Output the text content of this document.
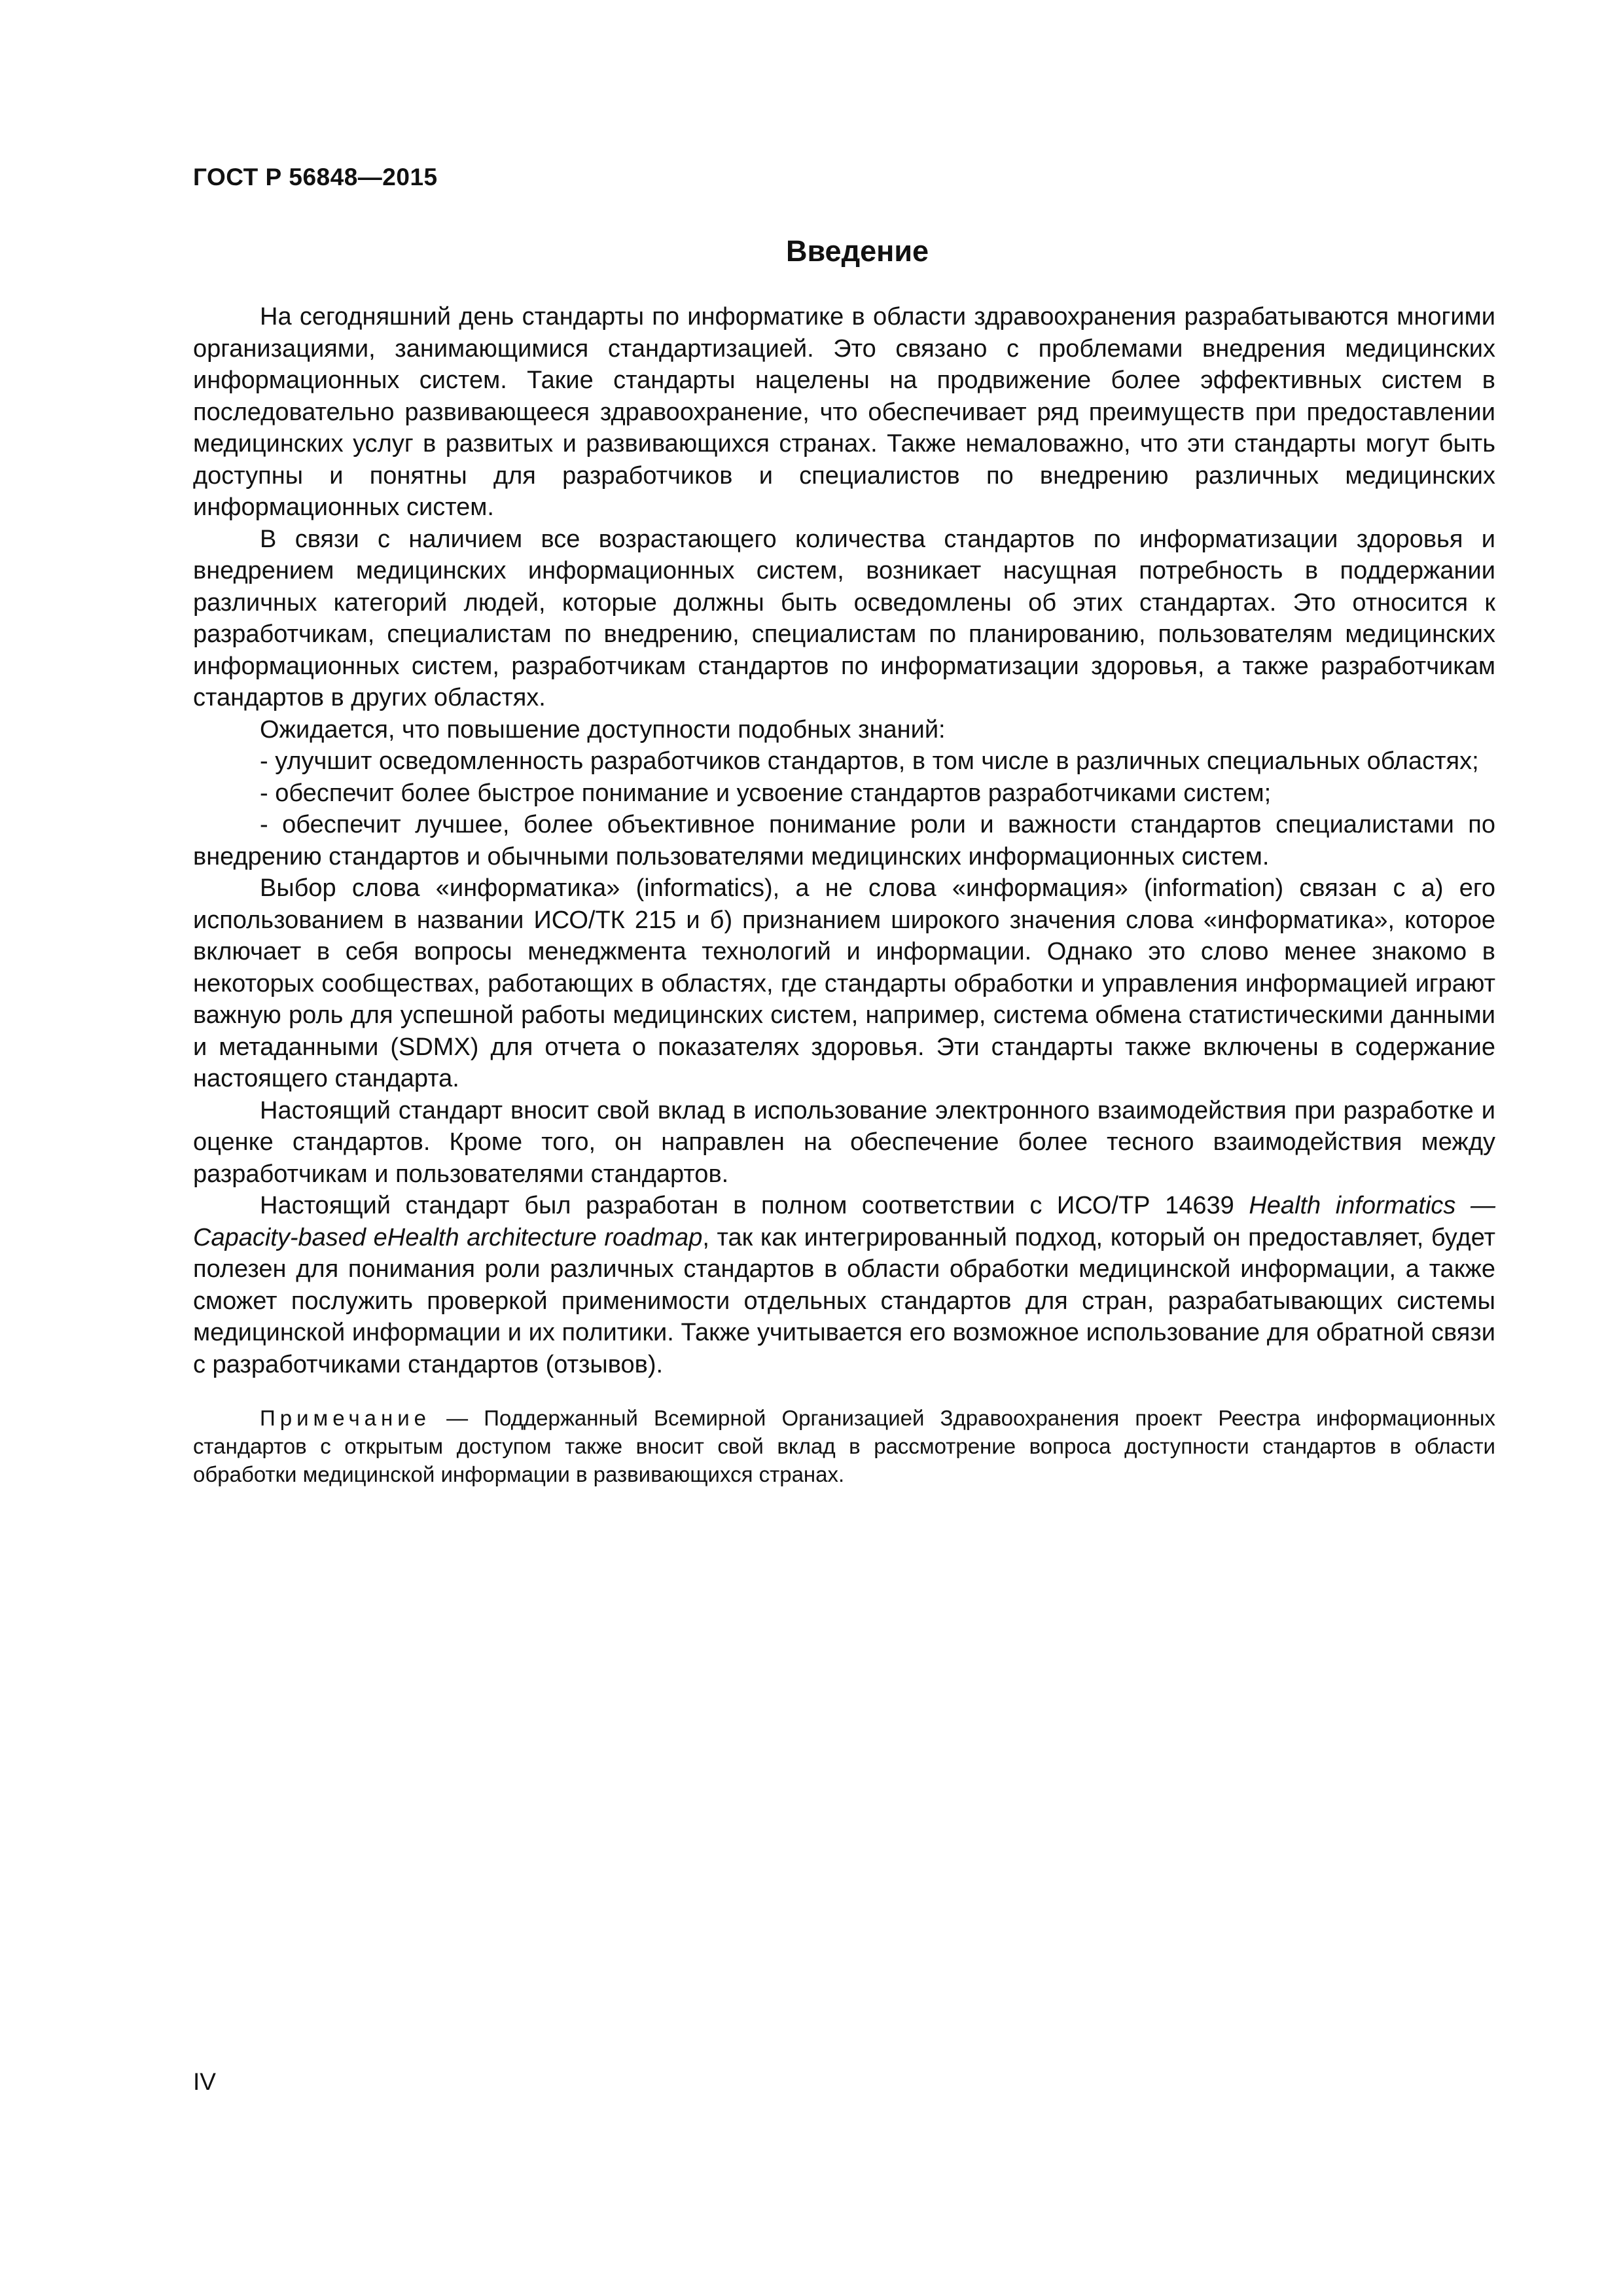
ГОСТ Р 56848—2015
Введение

На сегодняшний день стандарты по информатике в области здравоохранения разрабатываются многими организациями, занимающимися стандартизацией. Это связано с проблемами внедрения медицинских информационных систем. Такие стандарты нацелены на продвижение более эффективных систем в последовательно развивающееся здравоохранение, что обеспечивает ряд преимуществ при предоставлении медицинских услуг в развитых и развивающихся странах. Также немаловажно, что эти стандарты могут быть доступны и понятны для разработчиков и специалистов по внедрению различных медицинских информационных систем.

В связи с наличием все возрастающего количества стандартов по информатизации здоровья и внедрением медицинских информационных систем, возникает насущная потребность в поддержании различных категорий людей, которые должны быть осведомлены об этих стандартах. Это относится к разработчикам, специалистам по внедрению, специалистам по планированию, пользователям медицинских информационных систем, разработчикам стандартов по информатизации здоровья, а также разработчикам стандартов в других областях.

Ожидается, что повышение доступности подобных знаний:

- улучшит осведомленность разработчиков стандартов, в том числе в различных специальных областях;

- обеспечит более быстрое понимание и усвоение стандартов разработчиками систем;

- обеспечит лучшее, более объективное понимание роли и важности стандартов специалистами по внедрению стандартов и обычными пользователями медицинских информационных систем.

Выбор слова «информатика» (informatics), а не слова «информация» (information) связан с а) его использованием в названии ИСО/ТК 215 и б) признанием широкого значения слова «информатика», которое включает в себя вопросы менеджмента технологий и информации. Однако это слово менее знакомо в некоторых сообществах, работающих в областях, где стандарты обработки и управления информацией играют важную роль для успешной работы медицинских систем, например, система обмена статистическими данными и метаданными (SDMX) для отчета о показателях здоровья. Эти стандарты также включены в содержание настоящего стандарта.

Настоящий стандарт вносит свой вклад в использование электронного взаимодействия при разработке и оценке стандартов. Кроме того, он направлен на обеспечение более тесного взаимодействия между разработчикам и пользователями стандартов.

Настоящий стандарт был разработан в полном соответствии с ИСО/ТР 14639 Health informatics — Capacity-based eHealth architecture roadmap, так как интегрированный подход, который он предоставляет, будет полезен для понимания роли различных стандартов в области обработки медицинской информации, а также сможет послужить проверкой применимости отдельных стандартов для стран, разрабатывающих системы медицинской информации и их политики. Также учитывается его возможное использование для обратной связи с разработчиками стандартов (отзывов).

Примечание — Поддержанный Всемирной Организацией Здравоохранения проект Реестра информационных стандартов с открытым доступом также вносит свой вклад в рассмотрение вопроса доступности стандартов в области обработки медицинской информации в развивающихся странах.
IV
